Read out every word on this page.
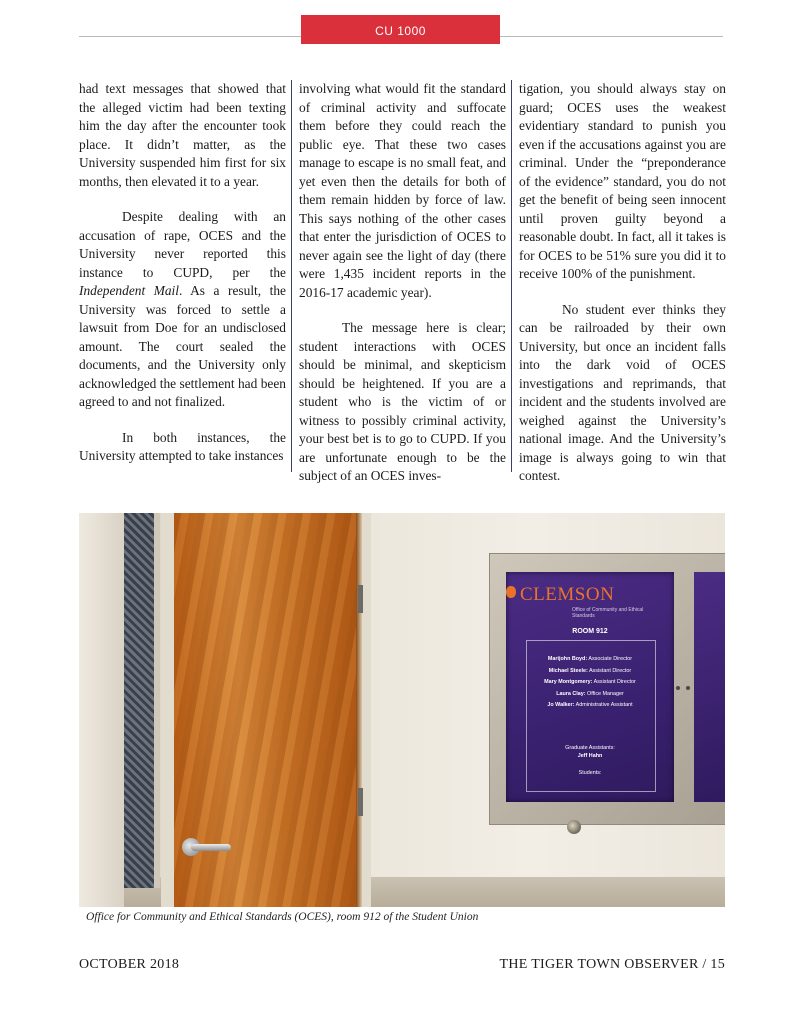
CU 1000

had text messages that showed that the alleged victim had been texting him the day after the encounter took place. It didn’t matter, as the University suspended him first for six months, then elevated it to a year.

Despite dealing with an accusation of rape, OCES and the University never reported this instance to CUPD, per the Independent Mail. As a result, the University was forced to settle a lawsuit from Doe for an undisclosed amount. The court sealed the documents, and the University only acknowledged the settlement had been agreed to and not finalized.

In both instances, the University attempted to take instances

involving what would fit the standard of criminal activity and suffocate them before they could reach the public eye. That these two cases manage to escape is no small feat, and yet even then the details for both of them remain hidden by force of law. This says nothing of the other cases that enter the jurisdiction of OCES to never again see the light of day (there were 1,435 incident reports in the 2016-17 academic year).

The message here is clear; student interactions with OCES should be minimal, and skepticism should be heightened. If you are a student who is the victim of or witness to possibly criminal activity, your best bet is to go to CUPD. If you are unfortunate enough to be the subject of an OCES inves-

tigation, you should always stay on guard; OCES uses the weakest evidentiary standard to punish you even if the accusations against you are criminal. Under the “preponderance of the evidence” standard, you do not get the benefit of being seen innocent until proven guilty beyond a reasonable doubt. In fact, all it takes is for OCES to be 51% sure you did it to receive 100% of the punishment.

No student ever thinks they can be railroaded by their own University, but once an incident falls into the dark void of OCES investigations and reprimands, that incident and the students involved are weighed against the University’s national image. And the University’s image is always going to win that contest.

CLEMSON
Office of Community and Ethical Standards
ROOM 912
Marijohn Boyd: Associate Director
Michael Steele: Assistant Director
Mary Montgomery: Assistant Director
Laura Clay: Office Manager
Jo Walker: Administrative Assistant
Graduate Assistants:
Jeff Hahn
Students:
Office for Community and Ethical Standards (OCES), room 912 of the Student Union
OCTOBER 2018	THE TIGER TOWN OBSERVER / 15
